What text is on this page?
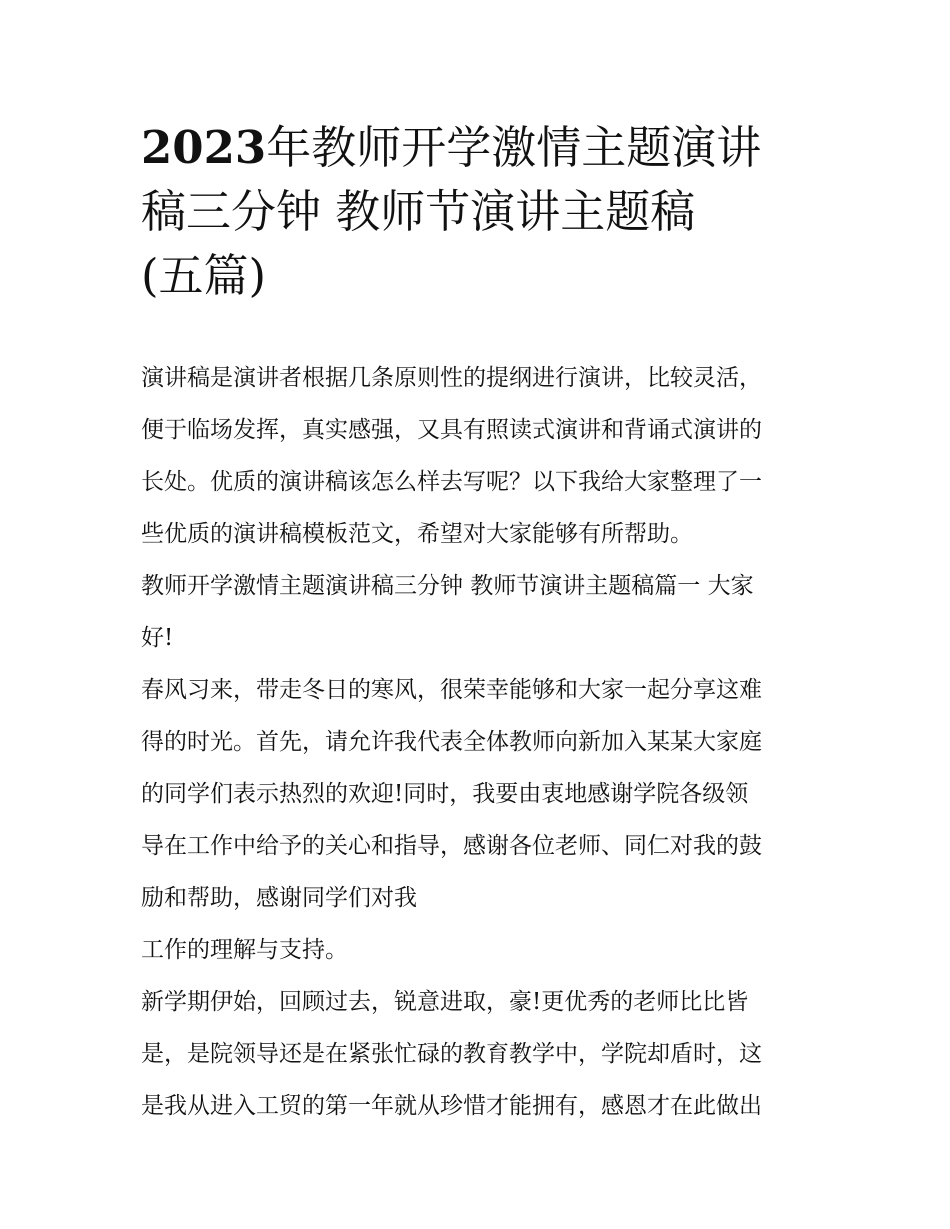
2023年教师开学激情主题演讲
稿三分钟 教师节演讲主题稿
(五篇)

演讲稿是演讲者根据几条原则性的提纲进行演讲，比较灵活，
便于临场发挥，真实感强，又具有照读式演讲和背诵式演讲的
长处。优质的演讲稿该怎么样去写呢？以下我给大家整理了一
些优质的演讲稿模板范文，希望对大家能够有所帮助。

教师开学激情主题演讲稿三分钟 教师节演讲主题稿篇一 大家
好!

春风习来，带走冬日的寒风，很荣幸能够和大家一起分享这难
得的时光。首先，请允许我代表全体教师向新加入某某大家庭
的同学们表示热烈的欢迎!同时，我要由衷地感谢学院各级领
导在工作中给予的关心和指导，感谢各位老师、同仁对我的鼓
励和帮助，感谢同学们对我

工作的理解与支持。

新学期伊始，回顾过去，锐意进取，豪!更优秀的老师比比皆
是，是院领导还是在紧张忙碌的教育教学中，学院却盾时，这
是我从进入工贸的第一年就从珍惜才能拥有，感恩才在此做出
